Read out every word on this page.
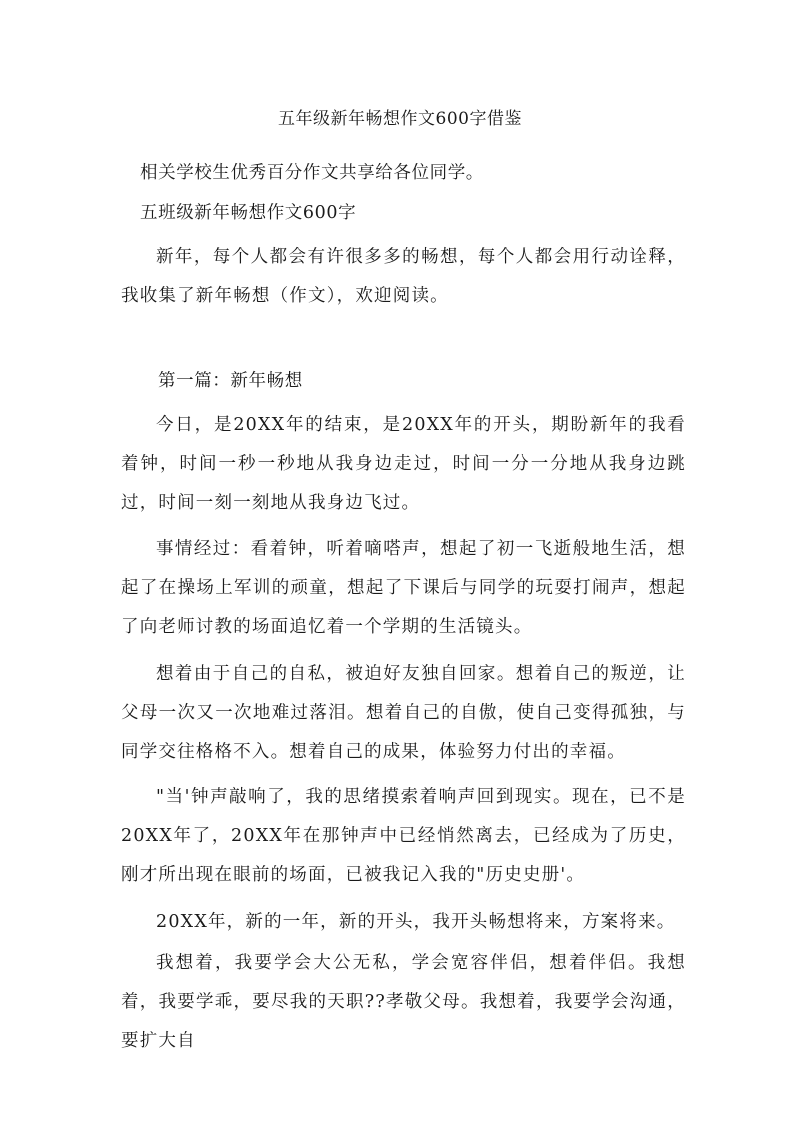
五年级新年畅想作文600字借鉴
相关学校生优秀百分作文共享给各位同学。
五班级新年畅想作文600字
新年，每个人都会有许很多多的畅想，每个人都会用行动诠释，我收集了新年畅想（作文），欢迎阅读。
第一篇：新年畅想
今日，是20XX年的结束，是20XX年的开头，期盼新年的我看着钟，时间一秒一秒地从我身边走过，时间一分一分地从我身边跳过，时间一刻一刻地从我身边飞过。
事情经过：看着钟，听着嘀嗒声，想起了初一飞逝般地生活，想起了在操场上军训的顽童，想起了下课后与同学的玩耍打闹声，想起了向老师讨教的场面追忆着一个学期的生活镜头。
想着由于自己的自私，被迫好友独自回家。想着自己的叛逆，让父母一次又一次地难过落泪。想着自己的自傲，使自己变得孤独，与同学交往格格不入。想着自己的成果，体验努力付出的幸福。
"当'钟声敲响了，我的思绪摸索着响声回到现实。现在，已不是20XX年了，20XX年在那钟声中已经悄然离去，已经成为了历史，刚才所出现在眼前的场面，已被我记入我的"历史史册'。
20XX年，新的一年，新的开头，我开头畅想将来，方案将来。
我想着，我要学会大公无私，学会宽容伴侣，想着伴侣。我想着，我要学乖，要尽我的天职??孝敬父母。我想着，我要学会沟通，要扩大自
